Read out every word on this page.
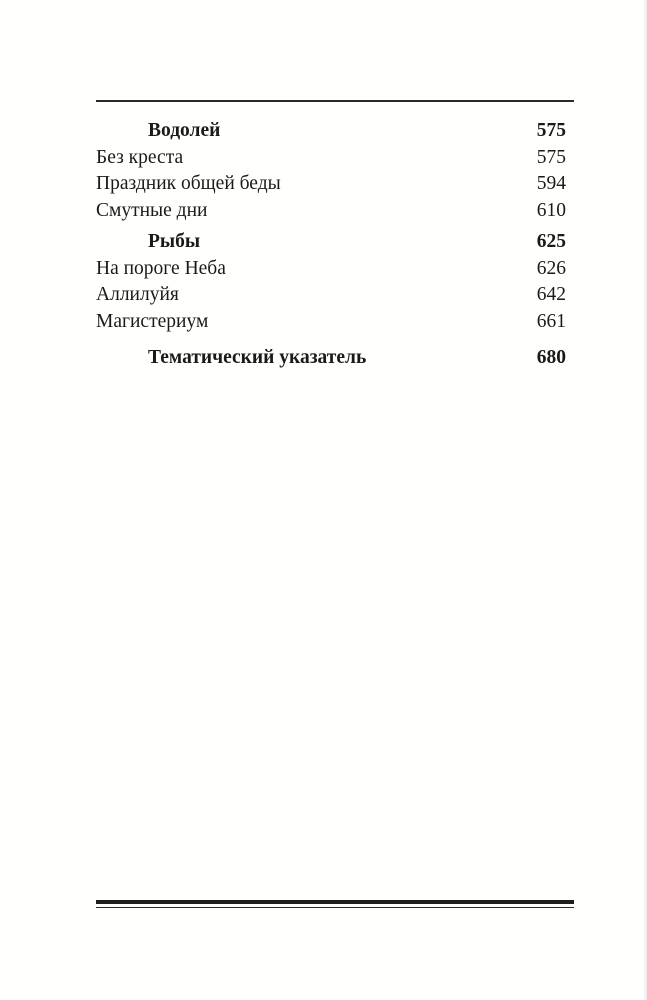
Водолей	575
Без креста	575
Праздник общей беды	594
Смутные дни	610
Рыбы	625
На пороге Неба	626
Аллилуйя	642
Магистериум	661
Тематический указатель	680
